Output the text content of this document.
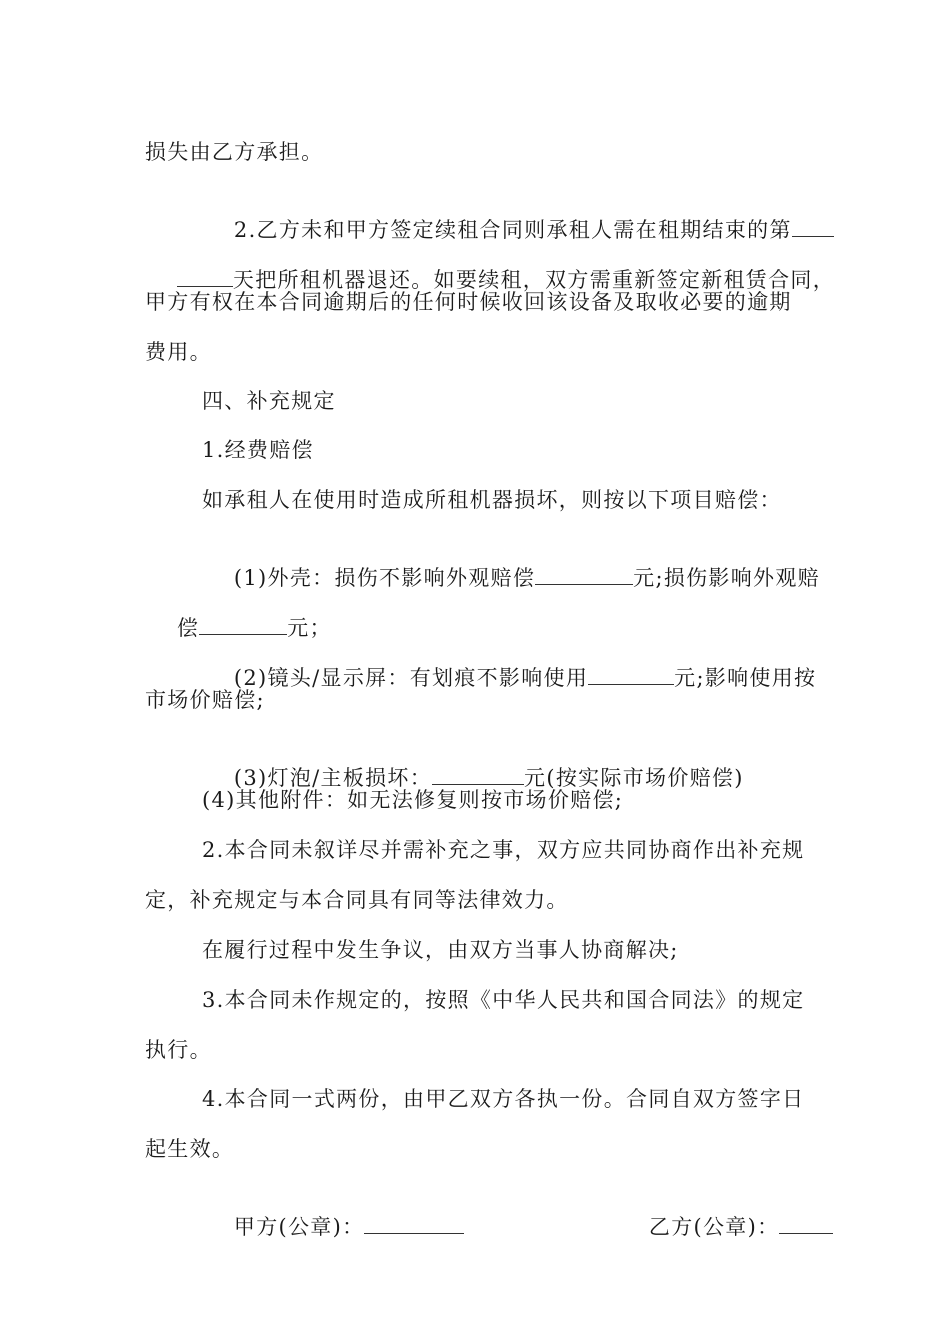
损失由乙方承担。

2.乙方未和甲方签定续租合同则承租人需在租期结束的第

天把所租机器退还。如要续租，双方需重新签定新租赁合同，

甲方有权在本合同逾期后的任何时候收回该设备及取收必要的逾期
费用。
四、补充规定
1.经费赔偿
如承租人在使用时造成所租机器损坏，则按以下项目赔偿：

(1)外壳：损伤不影响外观赔偿	元;损伤影响外观赔

偿	元；

(2)镜头/显示屏：有划痕不影响使用	元;影响使用按

市场价赔偿;

(3)灯泡/主板损坏：	元(按实际市场价赔偿)

(4)其他附件：如无法修复则按市场价赔偿;
2.本合同未叙详尽并需补充之事，双方应共同协商作出补充规
定，补充规定与本合同具有同等法律效力。
在履行过程中发生争议，由双方当事人协商解决;
3.本合同未作规定的，按照《中华人民共和国合同法》的规定
执行。
4.本合同一式两份，由甲乙双方各执一份。合同自双方签字日
起生效。

甲方(公章)：
	乙方(公章)：
